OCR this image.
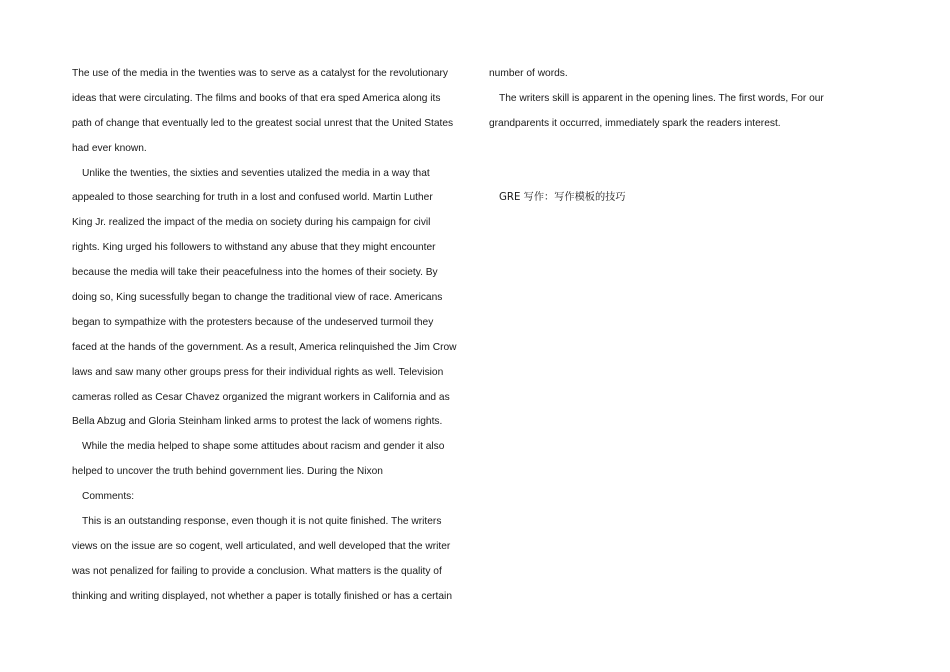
The use of the media in the twenties was to serve as a catalyst for the revolutionary
ideas that were circulating. The films and books of that era sped America along its
path of change that eventually led to the greatest social unrest that the United States
had ever known.
Unlike the twenties, the sixties and seventies utalized the media in a way that
appealed to those searching for truth in a lost and confused world. Martin Luther
King Jr. realized the impact of the media on society during his campaign for civil
rights. King urged his followers to withstand any abuse that they might encounter
because the media will take their peacefulness into the homes of their society. By
doing so, King sucessfully began to change the traditional view of race. Americans
began to sympathize with the protesters because of the undeserved turmoil they
faced at the hands of the government. As a result, America relinquished the Jim Crow
laws and saw many other groups press for their individual rights as well. Television
cameras rolled as Cesar Chavez organized the migrant workers in California and as
Bella Abzug and Gloria Steinham linked arms to protest the lack of womens rights.
While the media helped to shape some attitudes about racism and gender it also
helped to uncover the truth behind government lies. During the Nixon
Comments:
This is an outstanding response, even though it is not quite finished. The writers
views on the issue are so cogent, well articulated, and well developed that the writer
was not penalized for failing to provide a conclusion. What matters is the quality of
thinking and writing displayed, not whether a paper is totally finished or has a certain
number of words.
The writers skill is apparent in the opening lines. The first words, For our
grandparents it occurred, immediately spark the readers interest.
GRE 写作：写作模板的技巧
